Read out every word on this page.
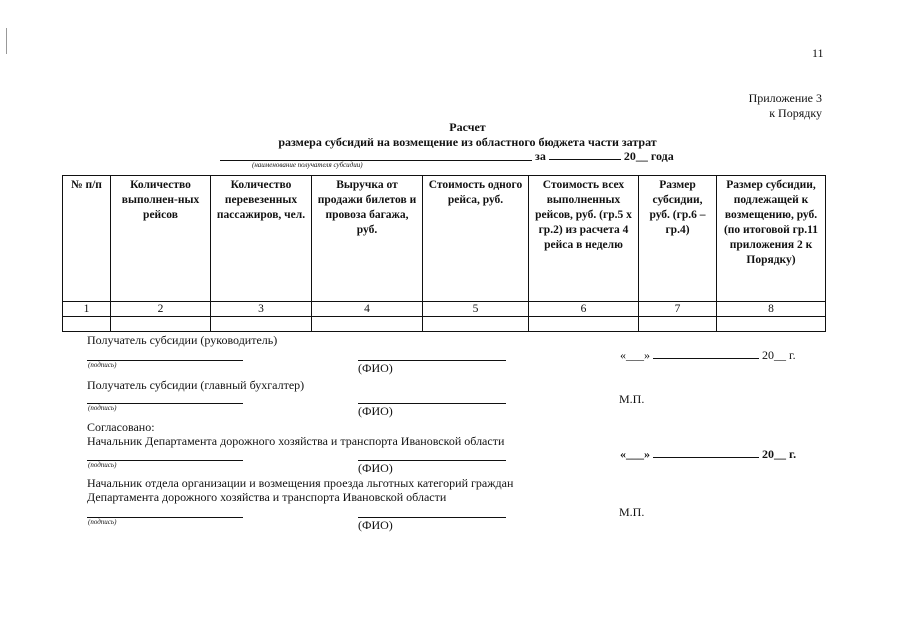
11
Приложение 3
к Порядку
Расчет
размера субсидий на возмещение из областного бюджета части затрат
(наименование получателя субсидии)
за	20__ года
№ п/п	Количество выполнен-ных рейсов	Количество перевезенных пассажиров, чел.	Выручка от продажи билетов и провоза багажа, руб.	Стоимость одного рейса, руб.	Стоимость всех выполненных рейсов, руб. (гр.5 х гр.2) из расчета 4 рейса в неделю	Размер субсидии, руб. (гр.6 – гр.4)	Размер субсидии, подлежащей к возмещению, руб. (по итоговой гр.11 приложения 2 к Порядку)
1	2	3	4	5	6	7	8

Получатель субсидии (руководитель)
(подпись)	(ФИО)
«___»	20__ г.
Получатель субсидии (главный бухгалтер)
(подпись)	(ФИО)
М.П.
Согласовано:
Начальник Департамента дорожного хозяйства и транспорта Ивановской области
(подпись)	(ФИО)
«___»	20__ г.
Начальник отдела организации и возмещения проезда льготных категорий граждан
Департамента дорожного хозяйства и транспорта Ивановской области
(подпись)	(ФИО)
М.П.
